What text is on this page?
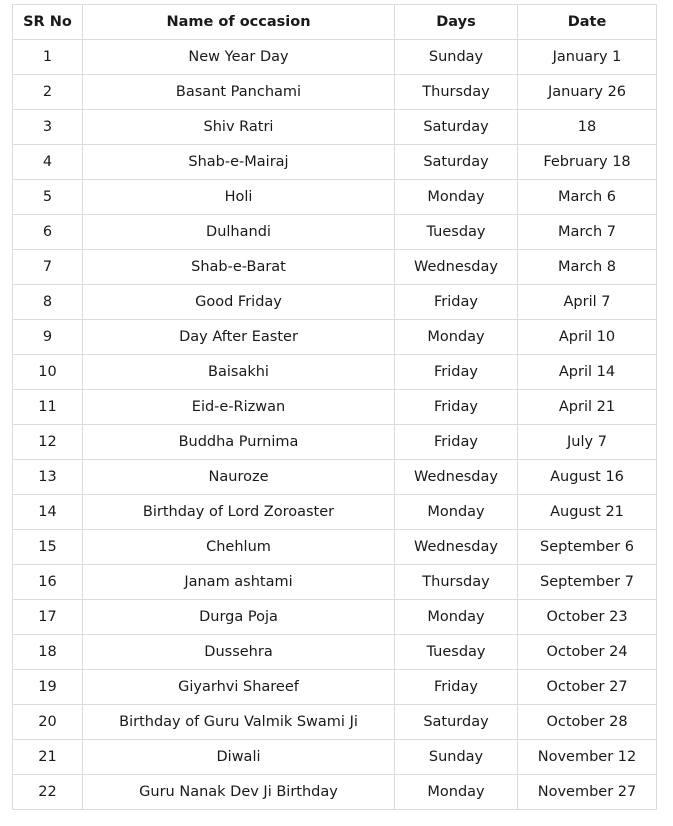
SR No	Name of occasion	Days	Date
1	New Year Day	Sunday	January 1
2	Basant Panchami	Thursday	January 26
3	Shiv Ratri	Saturday	18
4	Shab-e-Mairaj	Saturday	February 18
5	Holi	Monday	March 6
6	Dulhandi	Tuesday	March 7
7	Shab-e-Barat	Wednesday	March 8
8	Good Friday	Friday	April 7
9	Day After Easter	Monday	April 10
10	Baisakhi	Friday	April 14
11	Eid-e-Rizwan	Friday	April 21
12	Buddha Purnima	Friday	July 7
13	Nauroze	Wednesday	August 16
14	Birthday of Lord Zoroaster	Monday	August 21
15	Chehlum	Wednesday	September 6
16	Janam ashtami	Thursday	September 7
17	Durga Poja	Monday	October 23
18	Dussehra	Tuesday	October 24
19	Giyarhvi Shareef	Friday	October 27
20	Birthday of Guru Valmik Swami Ji	Saturday	October 28
21	Diwali	Sunday	November 12
22	Guru Nanak Dev Ji Birthday	Monday	November 27
